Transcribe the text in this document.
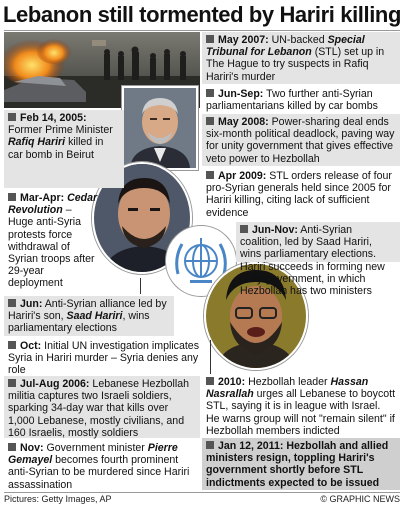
Lebanon still tormented by Hariri killing
Feb 14, 2005: Former Prime Minister Rafiq Hariri killed in car bomb in Beirut
Mar-Apr: Cedar Revolution – Huge anti-Syria protests force withdrawal of Syrian troops after 29-year deployment
Jun: Anti-Syrian alliance led by Hariri's son, Saad Hariri, wins parliamentary elections
Oct: Initial UN investigation implicates Syria in Hariri murder – Syria denies any role
Jul-Aug 2006: Lebanese Hezbollah militia captures two Israeli soldiers, sparking 34-day war that kills over 1,000 Lebanese, mostly civilians, and 160 Israelis, mostly soldiers
Nov: Government minister Pierre Gemayel becomes fourth prominent anti-Syrian to be murdered since Hariri assassination
May 2007: UN-backed Special Tribunal for Lebanon (STL) set up in The Hague to try suspects in Rafiq Hariri's murder
Jun-Sep: Two further anti-Syrian parliamentarians killed by car bombs
May 2008: Power-sharing deal ends six-month political deadlock, paving way for unity government that gives effective veto power to Hezbollah
Apr 2009: STL orders release of four pro-Syrian generals held since 2005 for Hariri killing, citing lack of sufficient evidence
Jun-Nov: Anti-Syrian coalition, led by Saad Hariri, wins parliamentary elections. Hariri succeeds in forming new unity government, in which Hezbollah has two ministers
2010: Hezbollah leader Hassan Nasrallah urges all Lebanese to boycott STL, saying it is in league with Israel. He warns group will not "remain silent" if Hezbollah members indicted
Jan 12, 2011: Hezbollah and allied ministers resign, toppling Hariri's government shortly before STL indictments expected to be issued
Pictures: Getty Images, AP	© GRAPHIC NEWS
